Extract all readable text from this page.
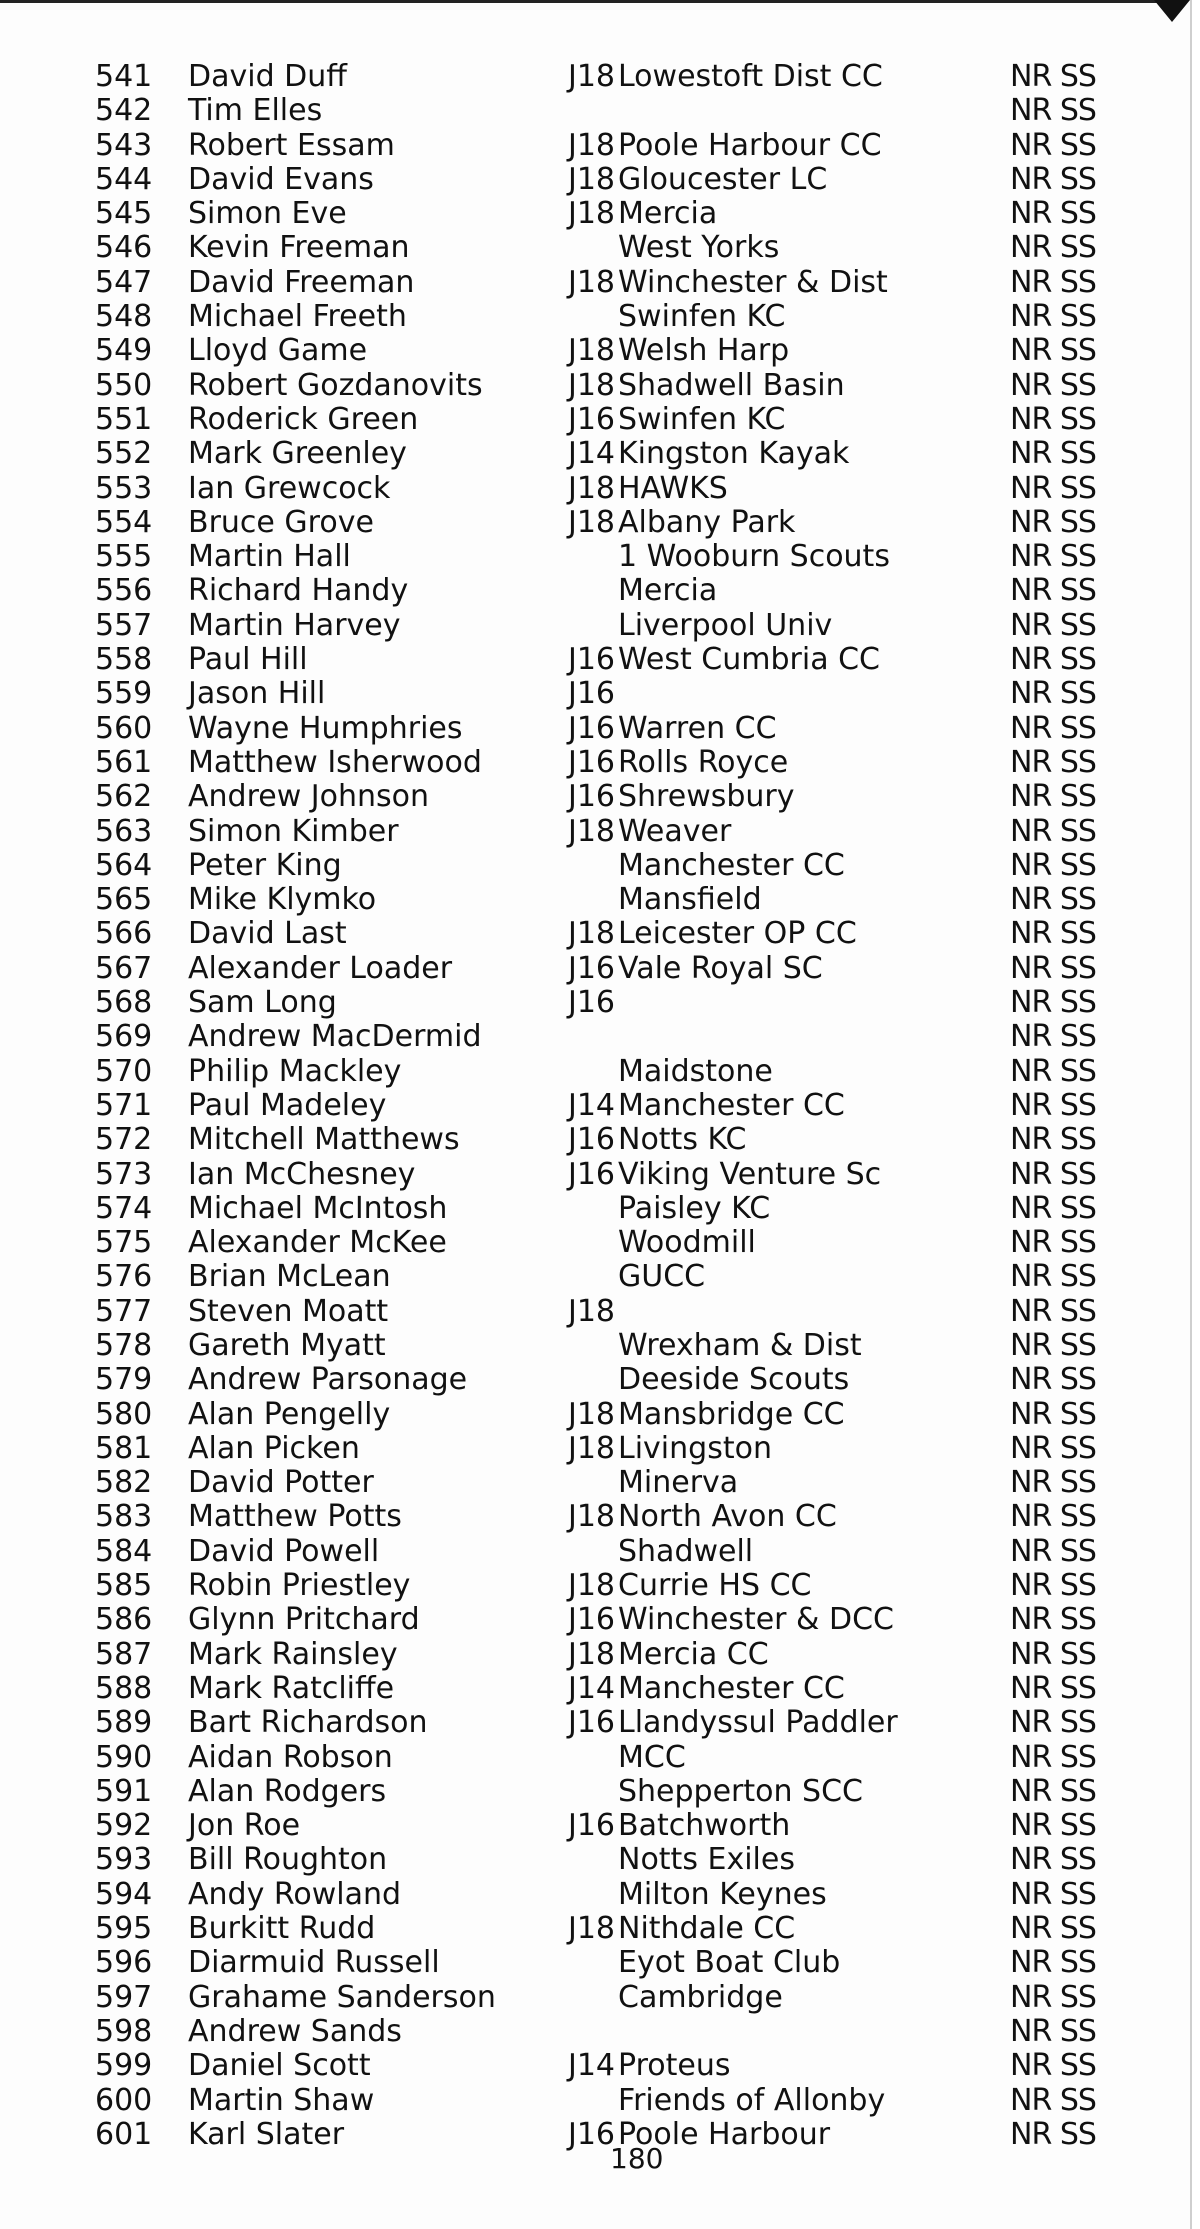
541	David Duff	J18 Lowestoft Dist CC	NR SS
542	Tim Elles	NR SS
543	Robert Essam	J18 Poole Harbour CC	NR SS
544	David Evans	J18 Gloucester LC	NR SS
545	Simon Eve	J18 Mercia	NR SS
546	Kevin Freeman	West Yorks	NR SS
547	David Freeman	J18 Winchester & Dist	NR SS
548	Michael Freeth	Swinfen KC	NR SS
549	Lloyd Game	J18 Welsh Harp	NR SS
550	Robert Gozdanovits	J18 Shadwell Basin	NR SS
551	Roderick Green	J16 Swinfen KC	NR SS
552	Mark Greenley	J14 Kingston Kayak	NR SS
553	Ian Grewcock	J18 HAWKS	NR SS
554	Bruce Grove	J18 Albany Park	NR SS
555	Martin Hall	1 Wooburn Scouts	NR SS
556	Richard Handy	Mercia	NR SS
557	Martin Harvey	Liverpool Univ	NR SS
558	Paul Hill	J16 West Cumbria CC	NR SS
559	Jason Hill	J16	NR SS
560	Wayne Humphries	J16 Warren CC	NR SS
561	Matthew Isherwood	J16 Rolls Royce	NR SS
562	Andrew Johnson	J16 Shrewsbury	NR SS
563	Simon Kimber	J18 Weaver	NR SS
564	Peter King	Manchester CC	NR SS
565	Mike Klymko	Mansfield	NR SS
566	David Last	J18 Leicester OP CC	NR SS
567	Alexander Loader	J16 Vale Royal SC	NR SS
568	Sam Long	J16	NR SS
569	Andrew MacDermid	NR SS
570	Philip Mackley	Maidstone	NR SS
571	Paul Madeley	J14 Manchester CC	NR SS
572	Mitchell Matthews	J16 Notts KC	NR SS
573	Ian McChesney	J16 Viking Venture Sc	NR SS
574	Michael McIntosh	Paisley KC	NR SS
575	Alexander McKee	Woodmill	NR SS
576	Brian McLean	GUCC	NR SS
577	Steven Moatt	J18	NR SS
578	Gareth Myatt	Wrexham & Dist	NR SS
579	Andrew Parsonage	Deeside Scouts	NR SS
580	Alan Pengelly	J18 Mansbridge CC	NR SS
581	Alan Picken	J18 Livingston	NR SS
582	David Potter	Minerva	NR SS
583	Matthew Potts	J18 North Avon CC	NR SS
584	David Powell	Shadwell	NR SS
585	Robin Priestley	J18 Currie HS CC	NR SS
586	Glynn Pritchard	J16 Winchester & DCC	NR SS
587	Mark Rainsley	J18 Mercia CC	NR SS
588	Mark Ratcliffe	J14 Manchester CC	NR SS
589	Bart Richardson	J16 Llandyssul Paddler	NR SS
590	Aidan Robson	MCC	NR SS
591	Alan Rodgers	Shepperton SCC	NR SS
592	Jon Roe	J16 Batchworth	NR SS
593	Bill Roughton	Notts Exiles	NR SS
594	Andy Rowland	Milton Keynes	NR SS
595	Burkitt Rudd	J18 Nithdale CC	NR SS
596	Diarmuid Russell	Eyot Boat Club	NR SS
597	Grahame Sanderson	Cambridge	NR SS
598	Andrew Sands	NR SS
599	Daniel Scott	J14 Proteus	NR SS
600	Martin Shaw	Friends of Allonby	NR SS
601	Karl Slater	J16 Poole Harbour	NR SS
180
